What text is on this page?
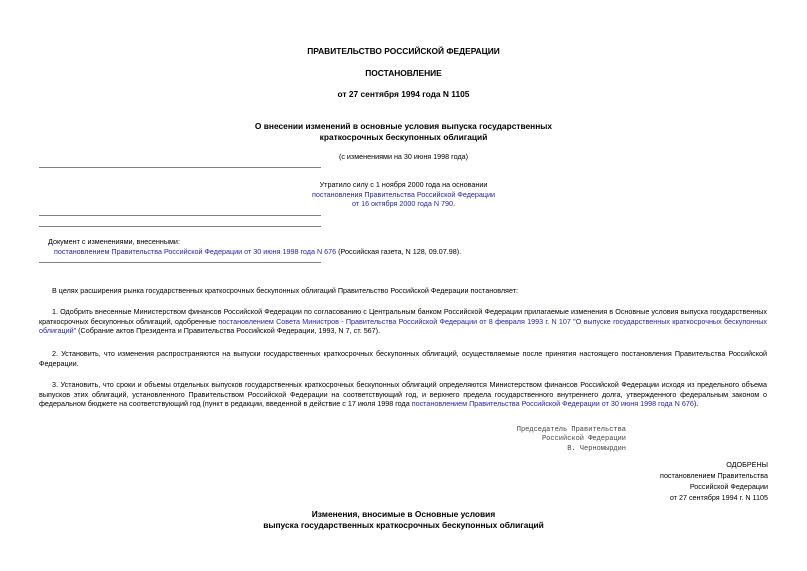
ПРАВИТЕЛЬСТВО РОССИЙСКОЙ ФЕДЕРАЦИИ
ПОСТАНОВЛЕНИЕ
от 27 сентября 1994 года N 1105
О внесении изменений в основные условия выпуска государственных
краткосрочных бескупонных облигаций
(с изменениями на 30 июня 1998 года)
Утратило силу с 1 ноября 2000 года на основании
постановления Правительства Российской Федерации
от 16 октября 2000 года N 790.
Документ с изменениями, внесенными:
постановлением Правительства Российской Федерации от 30 июня 1998 года N 676 (Российская газета, N 128, 09.07.98).
В целях расширения рынка государственных краткосрочных бескупонных облигаций Правительство Российской Федерации постановляет:
1. Одобрить внесенные Министерством финансов Российской Федерации по согласованию с Центральным банком Российской Федерации прилагаемые изменения в Основные условия выпуска государственных краткосрочных бескупонных облигаций, одобренные постановлением Совета Министров - Правительства Российской Федерации от 8 февраля 1993 г. N 107 "О выпуске государственных краткосрочных бескупонных облигаций" (Собрание актов Президента и Правительства Российской Федерации, 1993, N 7, ст. 567).
2. Установить, что изменения распространяются на выпуски государственных краткосрочных бескупонных облигаций, осуществляемые после принятия настоящего постановления Правительства Российской Федерации.
3. Установить, что сроки и объемы отдельных выпусков государственных краткосрочных бескупонных облигаций определяются Министерством финансов Российской Федерации исходя из предельного объема выпусков этих облигаций, установленного Правительством Российской Федерации на соответствующий год, и верхнего предела государственного внутреннего долга, утвержденного федеральным законом о федеральном бюджете на соответствующий год (пункт в редакции, введенной в действие с 17 июля 1998 года постановлением Правительства Российской Федерации от 30 июня 1998 года N 676).
Председатель Правительства
Российской Федерации
В. Черномырдин
ОДОБРЕНЫ
постановлением Правительства
Российской Федерации
от 27 сентября 1994 г. N 1105
Изменения, вносимые в Основные условия
выпуска государственных краткосрочных бескупонных облигаций
